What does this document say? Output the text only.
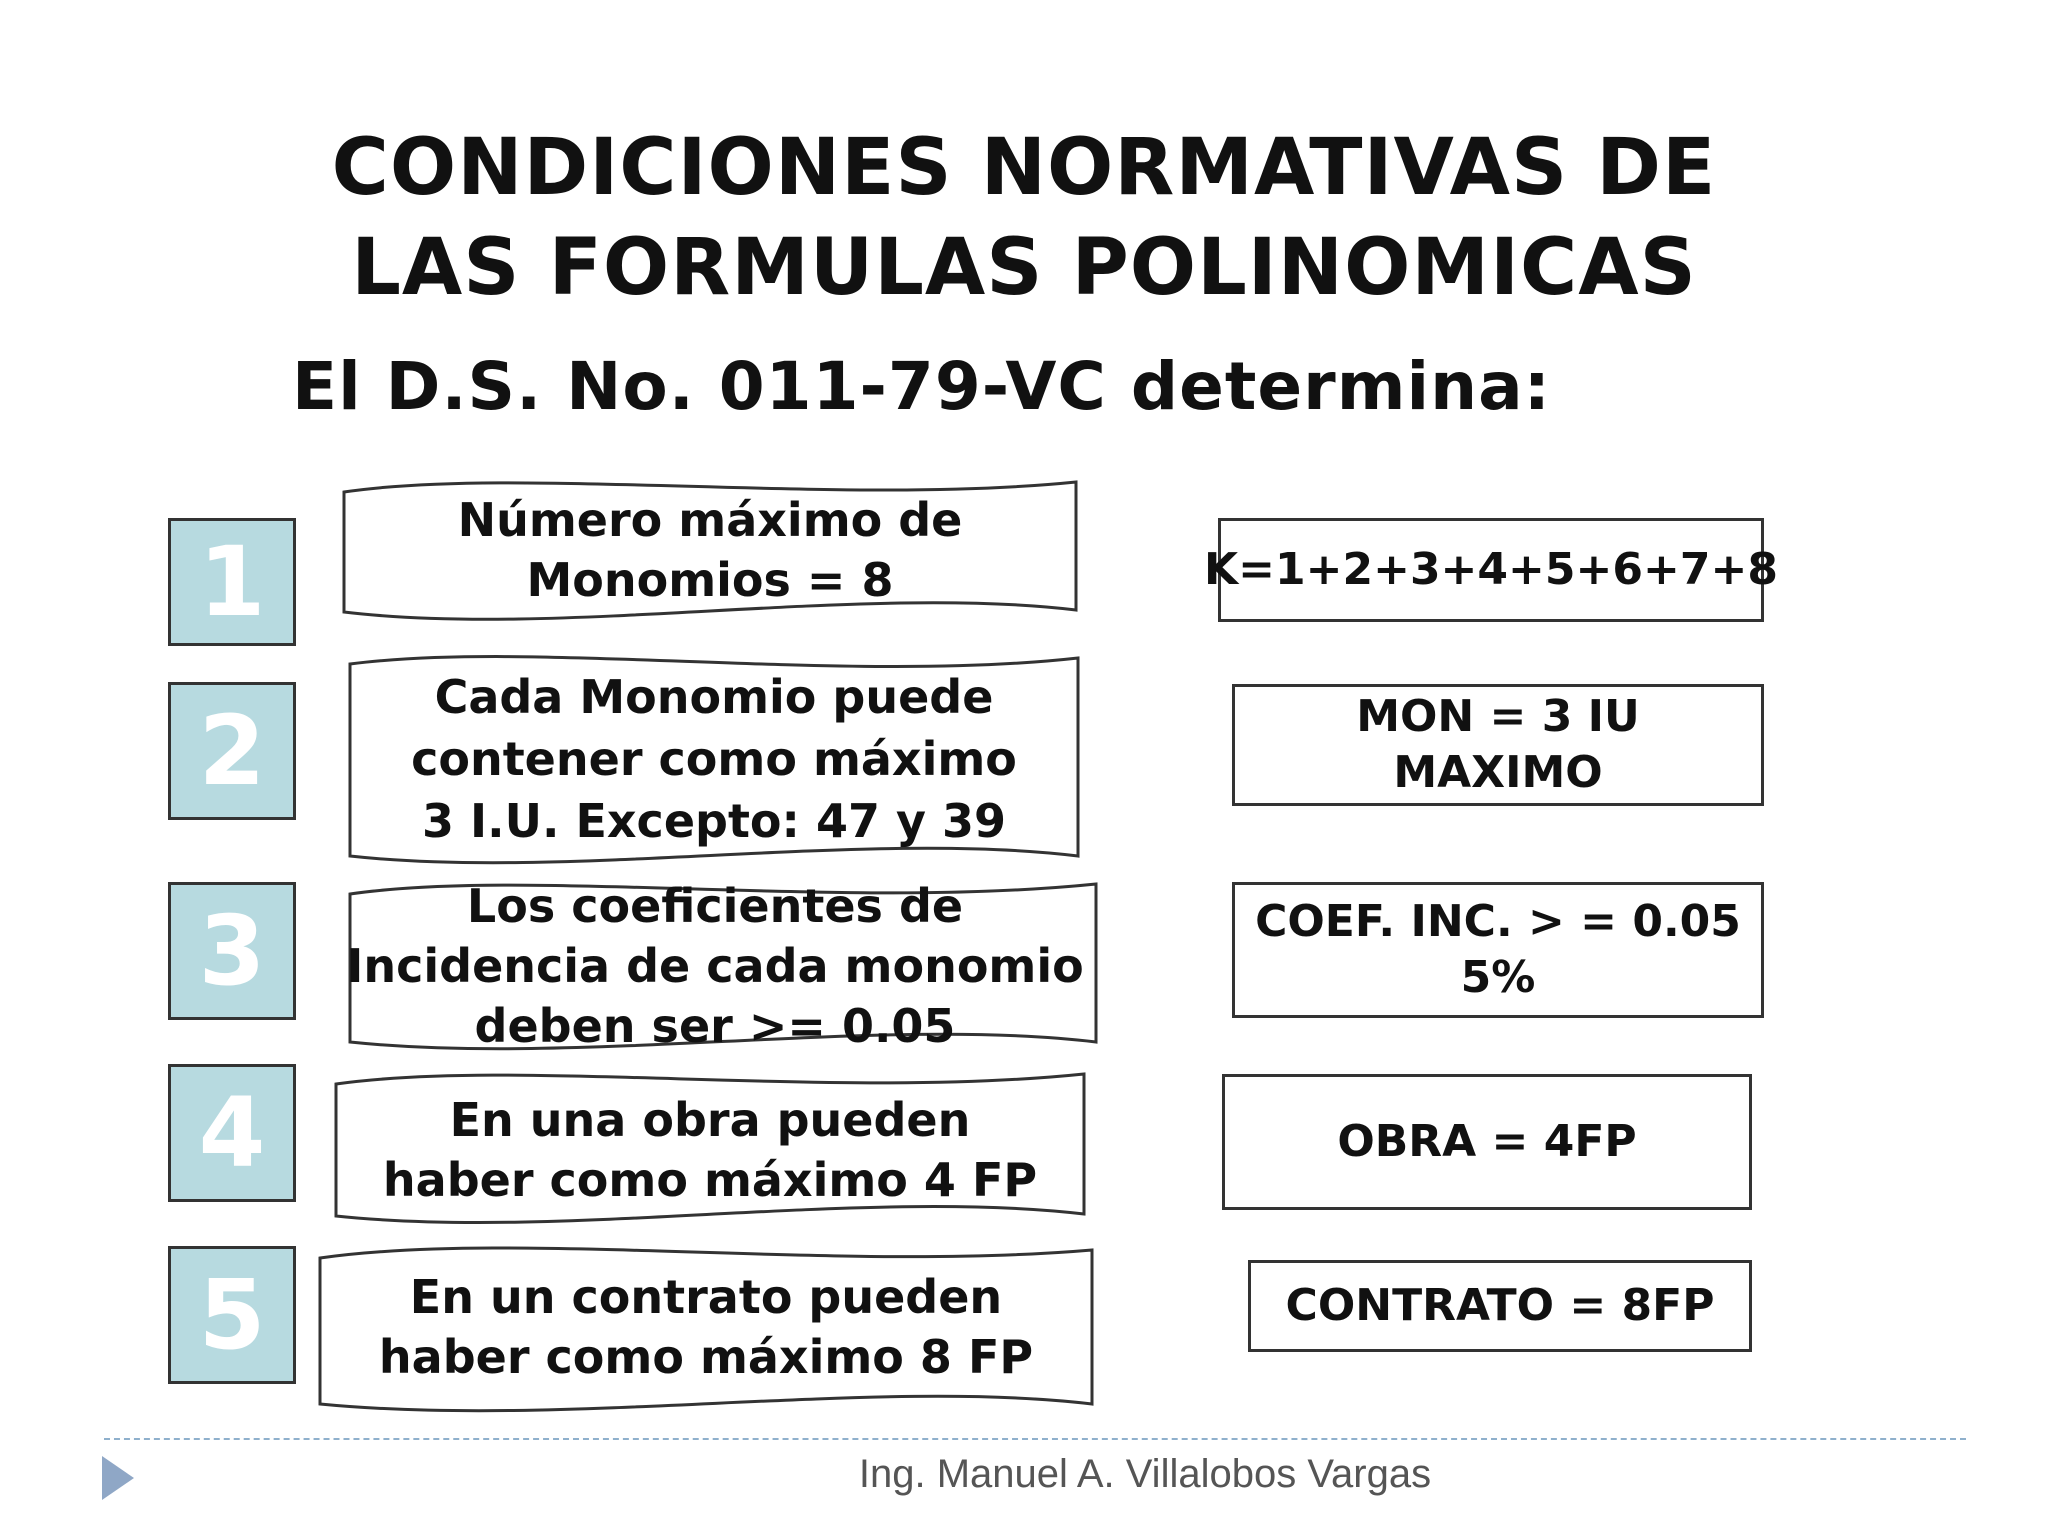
CONDICIONES NORMATIVAS DE
LAS FORMULAS POLINOMICAS
El D.S. No. 011-79-VC determina:
1
Número máximo de
Monomios = 8	K=1+2+3+4+5+6+7+8
2	Cada Monomio puede
contener como máximo
3 I.U. Excepto: 47 y 39
MON = 3 IU
MAXIMO
3	Los coeficientes de
Incidencia de cada monomio
deben ser >= 0.05
COEF. INC. > = 0.05
5%
4	En una obra pueden
haber como máximo 4 FP
OBRA = 4FP
5	En un contrato pueden
haber como máximo 8 FP
CONTRATO = 8FP
Ing. Manuel A. Villalobos Vargas
